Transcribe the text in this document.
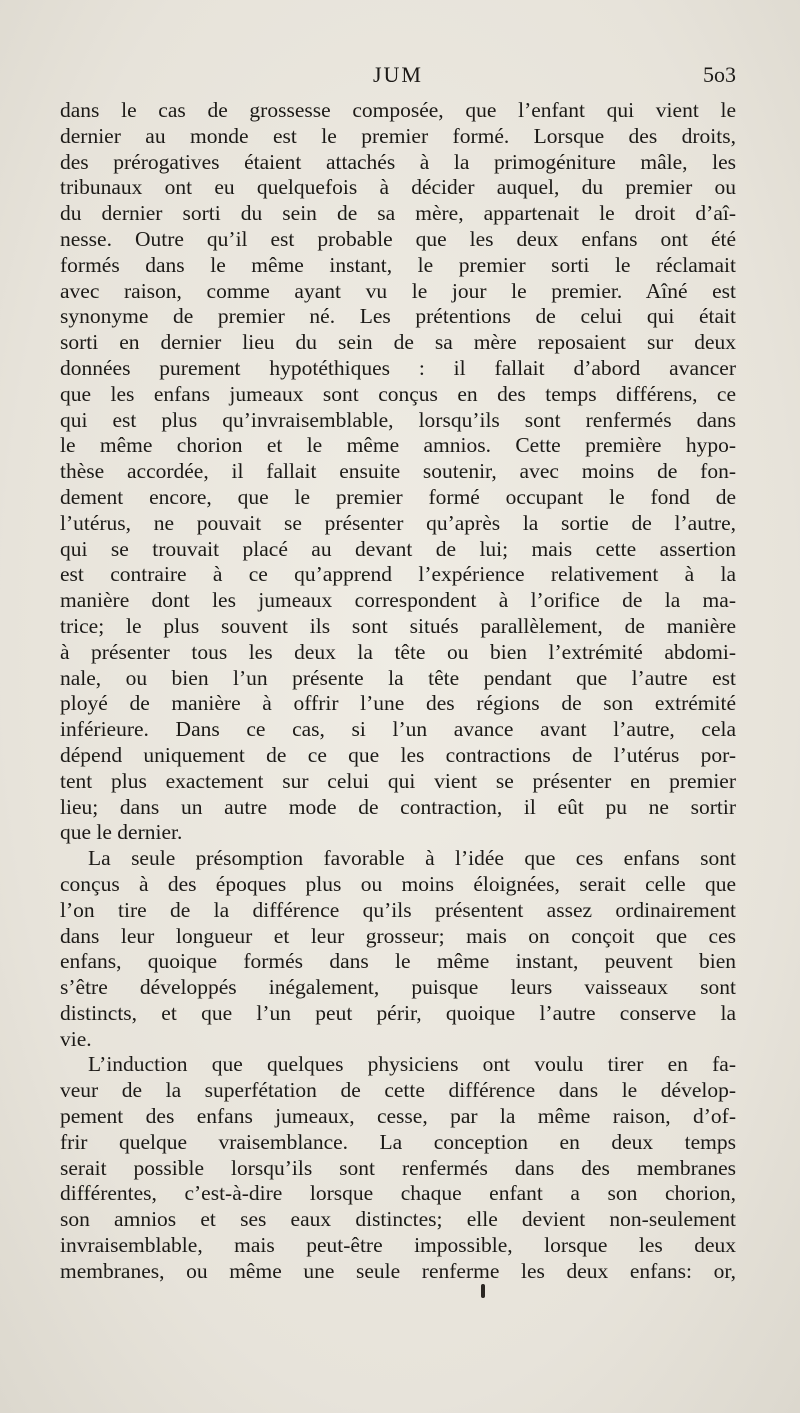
JUM	5o3
dans le cas de grossesse composée, que l’enfant qui vient le
dernier au monde est le premier formé. Lorsque des droits,
des prérogatives étaient attachés à la primogéniture mâle, les
tribunaux ont eu quelquefois à décider auquel, du premier ou
du dernier sorti du sein de sa mère, appartenait le droit d’aî-
nesse. Outre qu’il est probable que les deux enfans ont été
formés dans le même instant, le premier sorti le réclamait
avec raison, comme ayant vu le jour le premier. Aîné est
synonyme de premier né. Les prétentions de celui qui était
sorti en dernier lieu du sein de sa mère reposaient sur deux
données purement hypotéthiques : il fallait d’abord avancer
que les enfans jumeaux sont conçus en des temps différens, ce
qui est plus qu’invraisemblable, lorsqu’ils sont renfermés dans
le même chorion et le même amnios. Cette première hypo-
thèse accordée, il fallait ensuite soutenir, avec moins de fon-
dement encore, que le premier formé occupant le fond de
l’utérus, ne pouvait se présenter qu’après la sortie de l’autre,
qui se trouvait placé au devant de lui; mais cette assertion
est contraire à ce qu’apprend l’expérience relativement à la
manière dont les jumeaux correspondent à l’orifice de la ma-
trice; le plus souvent ils sont situés parallèlement, de manière
à présenter tous les deux la tête ou bien l’extrémité abdomi-
nale, ou bien l’un présente la tête pendant que l’autre est
ployé de manière à offrir l’une des régions de son extrémité
inférieure. Dans ce cas, si l’un avance avant l’autre, cela
dépend uniquement de ce que les contractions de l’utérus por-
tent plus exactement sur celui qui vient se présenter en premier
lieu; dans un autre mode de contraction, il eût pu ne sortir
que le dernier.
La seule présomption favorable à l’idée que ces enfans sont
conçus à des époques plus ou moins éloignées, serait celle que
l’on tire de la différence qu’ils présentent assez ordinairement
dans leur longueur et leur grosseur; mais on conçoit que ces
enfans, quoique formés dans le même instant, peuvent bien
s’être développés inégalement, puisque leurs vaisseaux sont
distincts, et que l’un peut périr, quoique l’autre conserve la
vie.
L’induction que quelques physiciens ont voulu tirer en fa-
veur de la superfétation de cette différence dans le dévelop-
pement des enfans jumeaux, cesse, par la même raison, d’of-
frir quelque vraisemblance. La conception en deux temps
serait possible lorsqu’ils sont renfermés dans des membranes
différentes, c’est-à-dire lorsque chaque enfant a son chorion,
son amnios et ses eaux distinctes; elle devient non-seulement
invraisemblable, mais peut-être impossible, lorsque les deux
membranes, ou même une seule renferme les deux enfans: or,
